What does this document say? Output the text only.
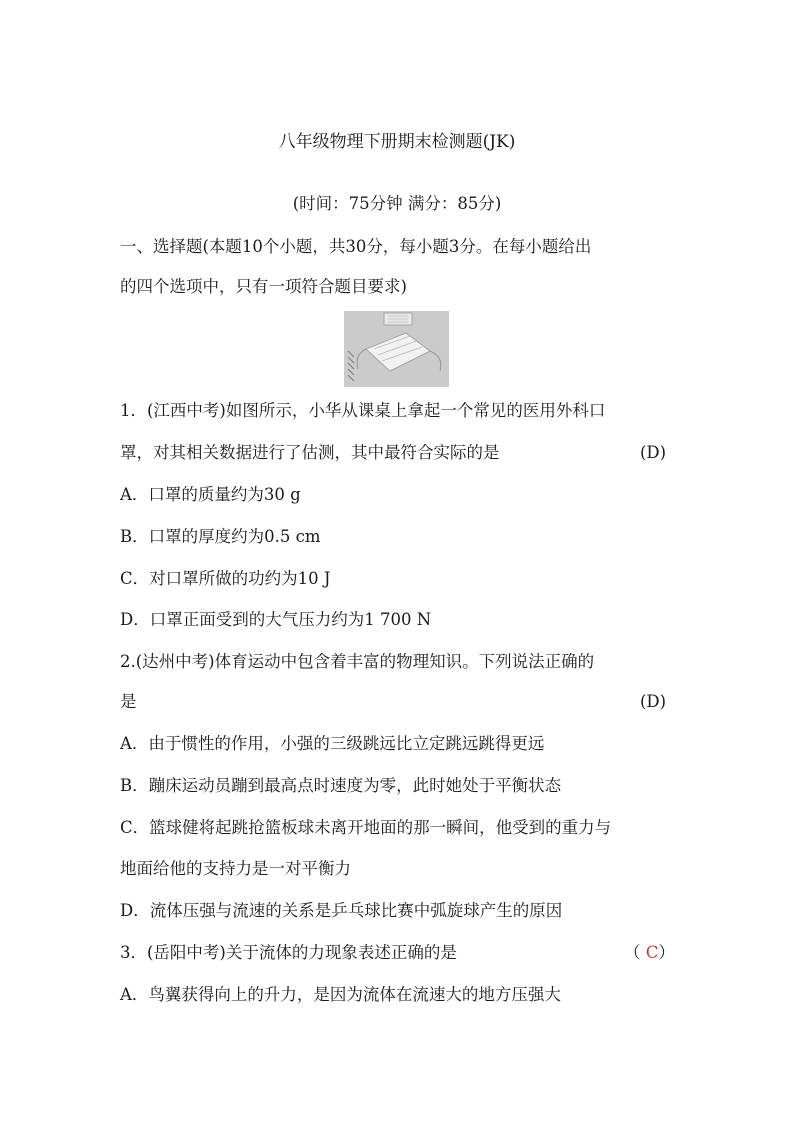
八年级物理下册期末检测题(JK)
(时间：75分钟 满分：85分)
一、选择题(本题10个小题，共30分，每小题3分。在每小题给出
的四个选项中，只有一项符合题目要求)
1．(江西中考)如图所示，小华从课桌上拿起一个常见的医用外科口
罩，对其相关数据进行了估测，其中最符合实际的是	(D)
A．口罩的质量约为30 g
B．口罩的厚度约为0.5 cm
C．对口罩所做的功约为10 J
D．口罩正面受到的大气压力约为1 700 N
2.(达州中考)体育运动中包含着丰富的物理知识。下列说法正确的
是	(D)
A．由于惯性的作用，小强的三级跳远比立定跳远跳得更远
B．蹦床运动员蹦到最高点时速度为零，此时她处于平衡状态
C．篮球健将起跳抢篮板球未离开地面的那一瞬间，他受到的重力与
地面给他的支持力是一对平衡力
D．流体压强与流速的关系是乒乓球比赛中弧旋球产生的原因
3．(岳阳中考)关于流体的力现象表述正确的是	（ C）
A．鸟翼获得向上的升力，是因为流体在流速大的地方压强大
